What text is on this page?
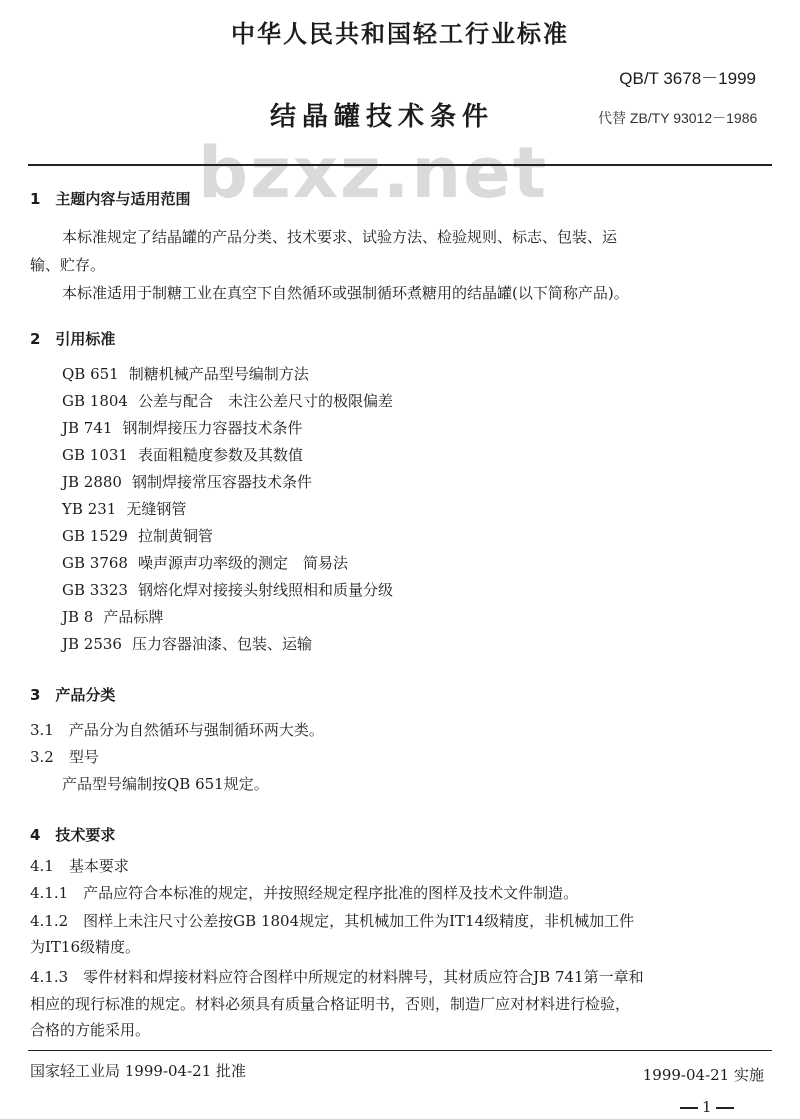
中华人民共和国轻工行业标准
QB/T 3678－1999
结晶罐技术条件	代替 ZB/TY 93012－1986
bzxz.net
1　主题内容与适用范围
本标准规定了结晶罐的产品分类、技术要求、试验方法、检验规则、标志、包装、运
输、贮存。
本标准适用于制糖工业在真空下自然循环或强制循环煮糖用的结晶罐(以下简称产品)。
2　引用标准
QB 651 制糖机械产品型号编制方法
GB 1804 公差与配合　未注公差尺寸的极限偏差
JB 741 钢制焊接压力容器技术条件
GB 1031 表面粗糙度参数及其数值
JB 2880 钢制焊接常压容器技术条件
YB 231 无缝钢管
GB 1529 拉制黄铜管
GB 3768 噪声源声功率级的测定　简易法
GB 3323 钢熔化焊对接接头射线照相和质量分级
JB 8 产品标牌
JB 2536 压力容器油漆、包装、运输
3　产品分类
3.1　产品分为自然循环与强制循环两大类。
3.2　型号
产品型号编制按QB 651规定。
4　技术要求
4.1　基本要求
4.1.1　产品应符合本标准的规定，并按照经规定程序批准的图样及技术文件制造。
4.1.2　图样上未注尺寸公差按GB 1804规定，其机械加工件为IT14级精度，非机械加工件
为IT16级精度。
4.1.3　零件材料和焊接材料应符合图样中所规定的材料牌号，其材质应符合JB 741第一章和
相应的现行标准的规定。材料必须具有质量合格证明书，否则，制造厂应对材料进行检验，
合格的方能采用。
国家轻工业局 1999-04-21 批准	1999-04-21 实施
1
